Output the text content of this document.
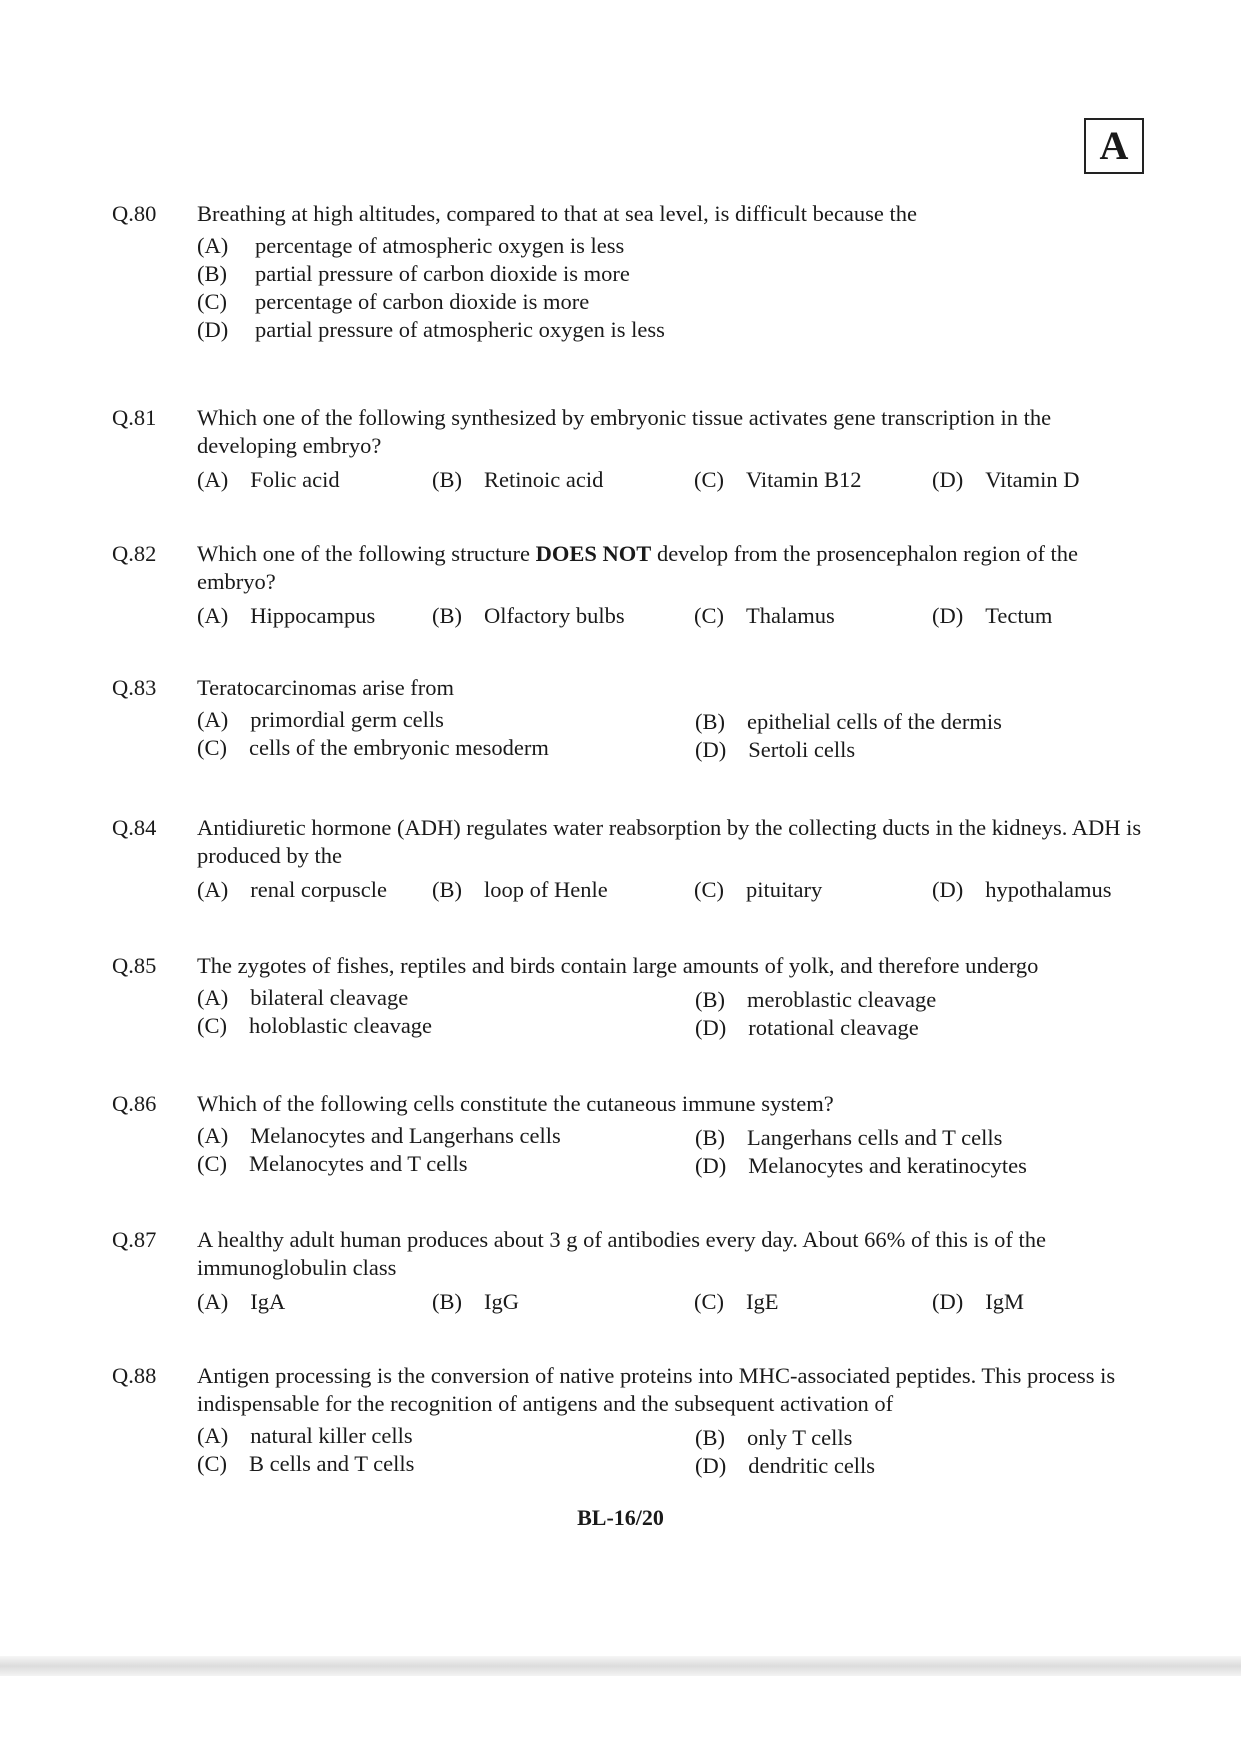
A
Q.80	Breathing at high altitudes, compared to that at sea level, is difficult because the
(A)	percentage of atmospheric oxygen is less
(B)	partial pressure of carbon dioxide is more
(C)	percentage of carbon dioxide is more
(D)	partial pressure of atmospheric oxygen is less
Q.81	Which one of the following synthesized by embryonic tissue activates gene transcription in the developing embryo?
(A) Folic acid	(B) Retinoic acid	(C) Vitamin B12	(D) Vitamin D
Q.82	Which one of the following structure DOES NOT develop from the prosencephalon region of the embryo?
(A) Hippocampus	(B) Olfactory bulbs	(C) Thalamus	(D) Tectum
Q.83	Teratocarcinomas arise from
(A) primordial germ cells	(B) epithelial cells of the dermis
(C) cells of the embryonic mesoderm	(D) Sertoli cells
Q.84	Antidiuretic hormone (ADH) regulates water reabsorption by the collecting ducts in the kidneys. ADH is produced by the
(A) renal corpuscle (B) loop of Henle	(C) pituitary	(D) hypothalamus
Q.85	The zygotes of fishes, reptiles and birds contain large amounts of yolk, and therefore undergo
(A) bilateral cleavage	(B) meroblastic cleavage
(C) holoblastic cleavage	(D) rotational cleavage
Q.86	Which of the following cells constitute the cutaneous immune system?
(A) Melanocytes and Langerhans cells	(B) Langerhans cells and T cells
(C) Melanocytes and T cells	(D) Melanocytes and keratinocytes
Q.87	A healthy adult human produces about 3 g of antibodies every day. About 66% of this is of the immunoglobulin class
(A) IgA	(B) IgG	(C) IgE	(D) IgM
Q.88	Antigen processing is the conversion of native proteins into MHC-associated peptides. This process is indispensable for the recognition of antigens and the subsequent activation of
(A) natural killer cells	(B) only T cells
(C) B cells and T cells	(D) dendritic cells
BL-16/20
